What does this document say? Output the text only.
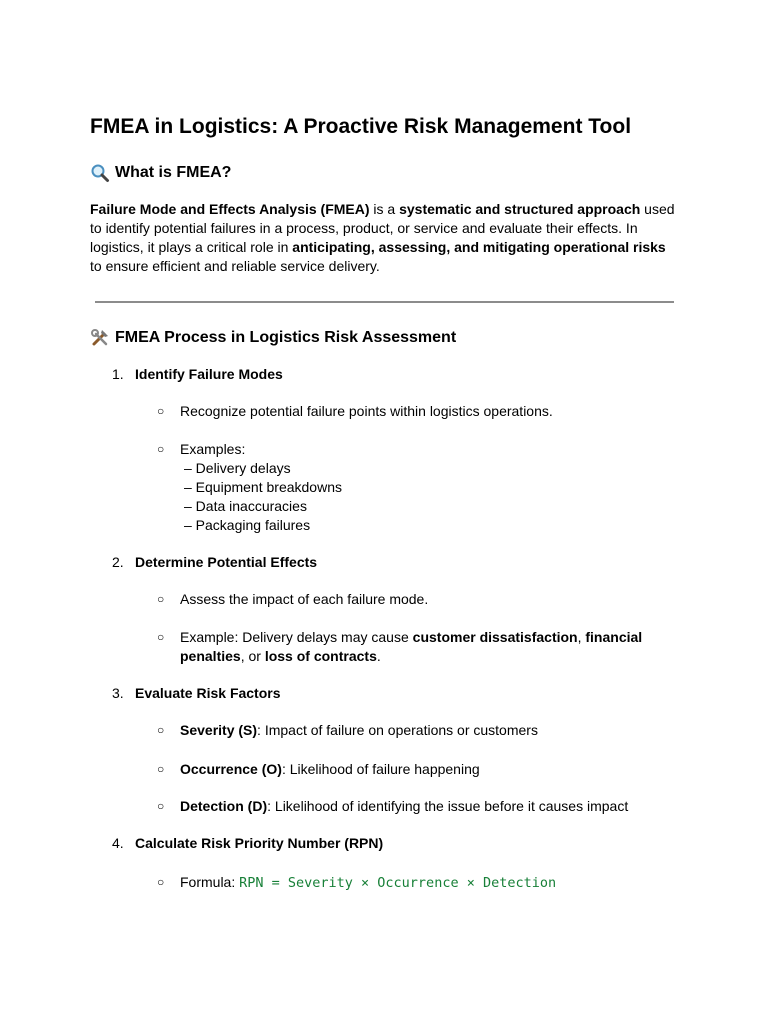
FMEA in Logistics: A Proactive Risk Management Tool
What is FMEA?

Failure Mode and Effects Analysis (FMEA) is a systematic and structured approach used to identify potential failures in a process, product, or service and evaluate their effects. In logistics, it plays a critical role in anticipating, assessing, and mitigating operational risks to ensure efficient and reliable service delivery.

FMEA Process in Logistics Risk Assessment
1. Identify Failure Modes
○ Recognize potential failure points within logistics operations.
○ Examples:
– Delivery delays
– Equipment breakdowns
– Data inaccuracies
– Packaging failures
2. Determine Potential Effects
○ Assess the impact of each failure mode.
○ Example: Delivery delays may cause customer dissatisfaction, financial penalties, or loss of contracts.
3. Evaluate Risk Factors
○ Severity (S): Impact of failure on operations or customers
○ Occurrence (O): Likelihood of failure happening
○ Detection (D): Likelihood of identifying the issue before it causes impact
4. Calculate Risk Priority Number (RPN)
○ Formula: RPN = Severity × Occurrence × Detection
